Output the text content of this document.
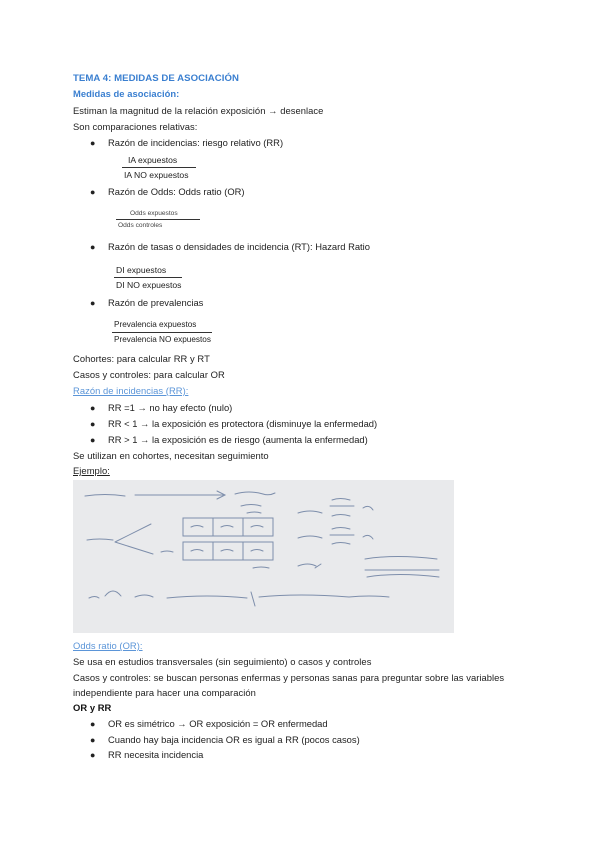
TEMA 4: MEDIDAS DE ASOCIACIÓN
Medidas de asociación:
Estiman la magnitud de la relación exposición → desenlace
Son comparaciones relativas:
● Razón de incidencias: riesgo relativo (RR)
IA expuestos
IA NO expuestos
● Razón de Odds: Odds ratio (OR)
Odds expuestos
Odds controles
● Razón de tasas o densidades de incidencia (RT): Hazard Ratio
DI expuestos
DI NO expuestos
● Razón de prevalencias
Prevalencia expuestos
Prevalencia NO expuestos
Cohortes: para calcular RR y RT
Casos y controles: para calcular OR
Razón de incidencias (RR):
● RR =1 → no hay efecto (nulo)
● RR < 1 → la exposición es protectora (disminuye la enfermedad)
● RR > 1 → la exposición es de riesgo (aumenta la enfermedad)
Se utilizan en cohortes, necesitan seguimiento
Ejemplo:
Odds ratio (OR):
Se usa en estudios transversales (sin seguimiento) o casos y controles
Casos y controles: se buscan personas enfermas y personas sanas para preguntar sobre las variables
independiente para hacer una comparación
OR y RR
● OR es simétrico → OR exposición = OR enfermedad
● Cuando hay baja incidencia OR es igual a RR (pocos casos)
● RR necesita incidencia
